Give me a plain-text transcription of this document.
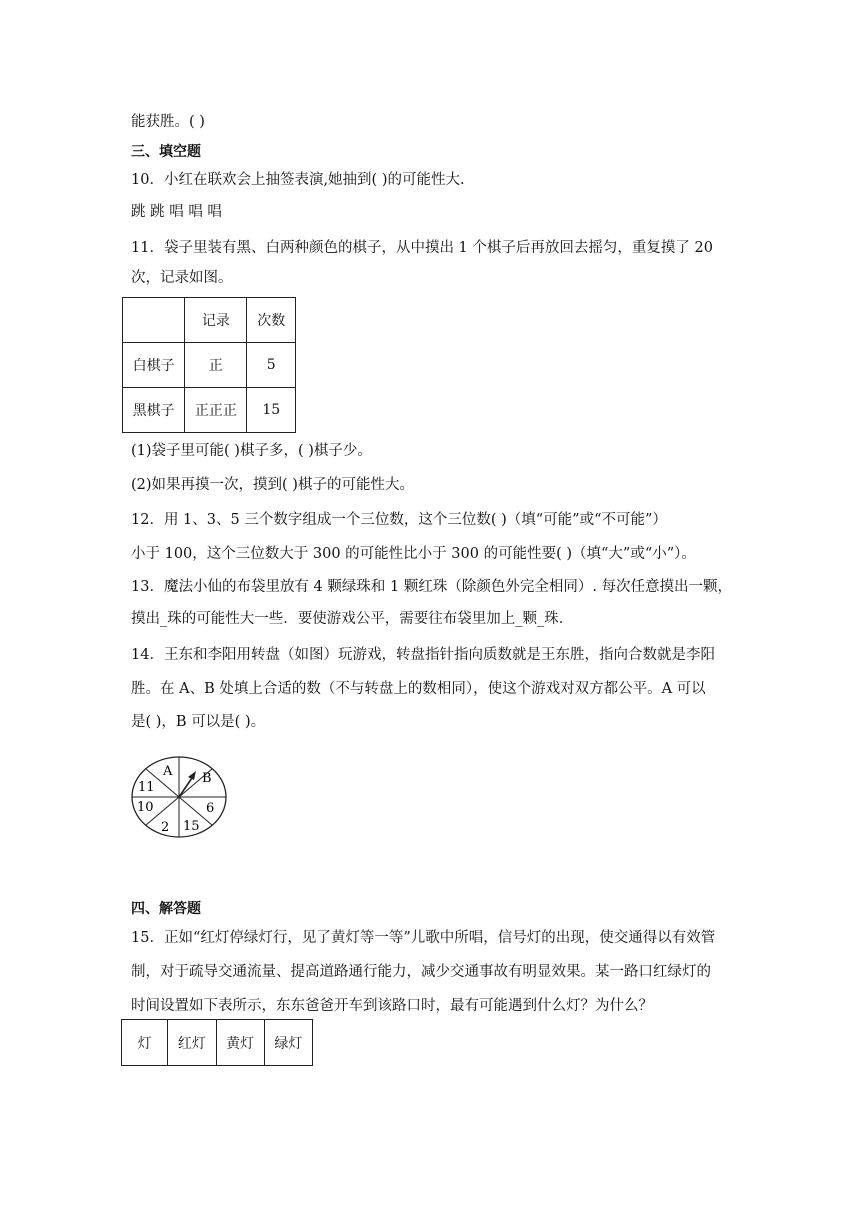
能获胜。( )
三、填空题
10．小红在联欢会上抽签表演,她抽到( )的可能性大.
跳 跳 唱 唱 唱
11．袋子里装有黑、白两种颜色的棋子，从中摸出 1 个棋子后再放回去摇匀，重复摸了 20
次，记录如图。
	记录	次数
白棋子	正	5
黑棋子	正正正	15
(1)袋子里可能( )棋子多，( )棋子少。
(2)如果再摸一次，摸到( )棋子的可能性大。
12．用 1、3、5 三个数字组成一个三位数，这个三位数( )（填“可能”或“不可能”）
小于 100，这个三位数大于 300 的可能性比小于 300 的可能性要( )（填“大”或“小”）。
13．魔法小仙的布袋里放有 4 颗绿珠和 1 颗红珠（除颜色外完全相同）. 每次任意摸出一颗，
摸出_珠的可能性大一些．要使游戏公平，需要往布袋里加上_颗_珠．
14．王东和李阳用转盘（如图）玩游戏，转盘指针指向质数就是王东胜，指向合数就是李阳
胜。在 A、B 处填上合适的数（不与转盘上的数相同），使这个游戏对双方都公平。A 可以
是( )，B 可以是( )。
A B
11
10	6
2 15
四、解答题
15．正如“红灯停绿灯行，见了黄灯等一等”儿歌中所唱，信号灯的出现，使交通得以有效管
制，对于疏导交通流量、提高道路通行能力，减少交通事故有明显效果。某一路口红绿灯的
时间设置如下表所示，东东爸爸开车到该路口时，最有可能遇到什么灯？为什么？
灯	红灯	黄灯	绿灯
